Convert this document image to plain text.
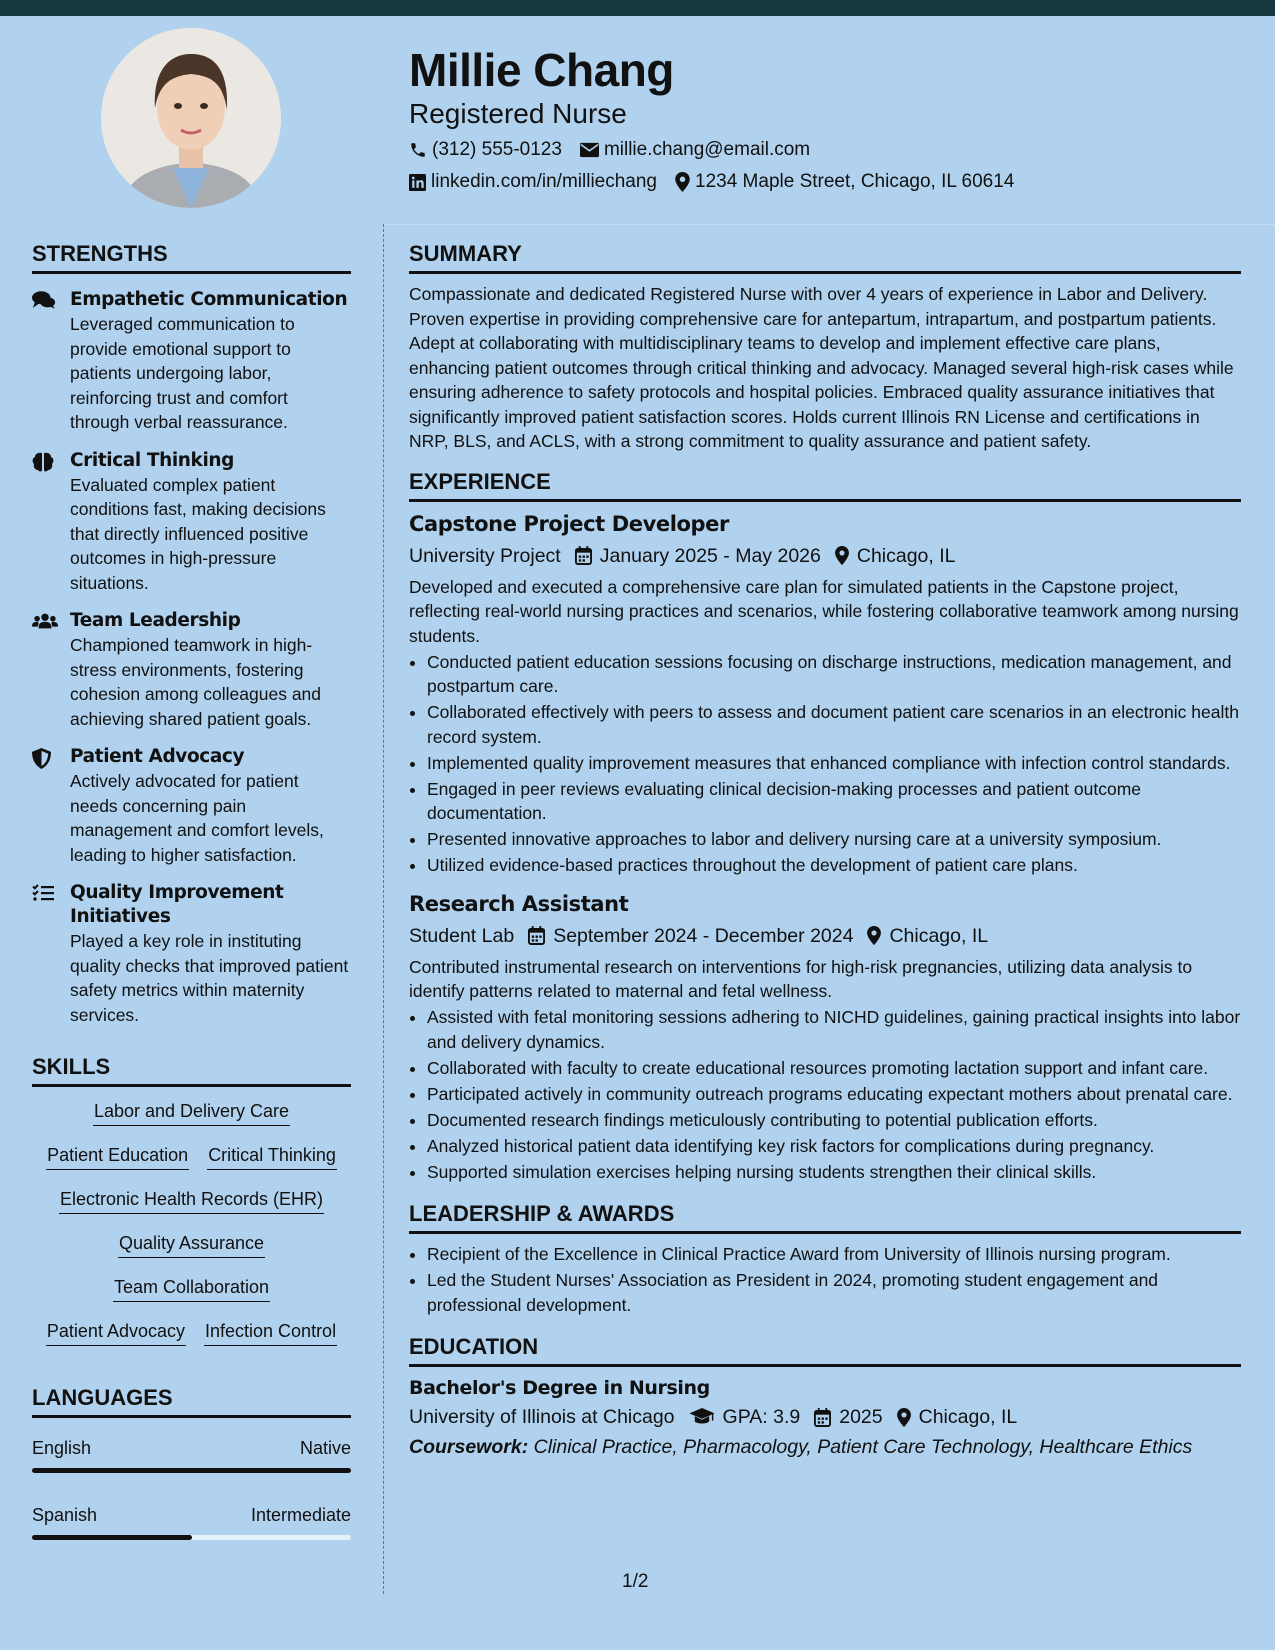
Millie Chang
Registered Nurse
(312) 555-0123 millie.chang@email.com
linkedin.com/in/milliechang 1234 Maple Street, Chicago, IL 60614
STRENGTHS
Empathetic Communication
Leveraged communication to provide emotional support to patients undergoing labor, reinforcing trust and comfort through verbal reassurance.
Critical Thinking
Evaluated complex patient conditions fast, making decisions that directly influenced positive outcomes in high-pressure situations.
Team Leadership
Championed teamwork in high-stress environments, fostering cohesion among colleagues and achieving shared patient goals.
Patient Advocacy
Actively advocated for patient needs concerning pain management and comfort levels, leading to higher satisfaction.
Quality Improvement Initiatives
Played a key role in instituting quality checks that improved patient safety metrics within maternity services.
SKILLS
Labor and Delivery Care
Patient Education Critical Thinking
Electronic Health Records (EHR)
Quality Assurance
Team Collaboration
Patient Advocacy Infection Control
LANGUAGES
English	Native
Spanish	Intermediate
SUMMARY
Compassionate and dedicated Registered Nurse with over 4 years of experience in Labor and Delivery. Proven expertise in providing comprehensive care for antepartum, intrapartum, and postpartum patients. Adept at collaborating with multidisciplinary teams to develop and implement effective care plans, enhancing patient outcomes through critical thinking and advocacy. Managed several high-risk cases while ensuring adherence to safety protocols and hospital policies. Embraced quality assurance initiatives that significantly improved patient satisfaction scores. Holds current Illinois RN License and certifications in NRP, BLS, and ACLS, with a strong commitment to quality assurance and patient safety.
EXPERIENCE
Capstone Project Developer
University Project January 2025 - May 2026 Chicago, IL
Developed and executed a comprehensive care plan for simulated patients in the Capstone project, reflecting real-world nursing practices and scenarios, while fostering collaborative teamwork among nursing students.
• Conducted patient education sessions focusing on discharge instructions, medication management, and postpartum care.
• Collaborated effectively with peers to assess and document patient care scenarios in an electronic health record system.
• Implemented quality improvement measures that enhanced compliance with infection control standards.
• Engaged in peer reviews evaluating clinical decision-making processes and patient outcome documentation.
• Presented innovative approaches to labor and delivery nursing care at a university symposium.
• Utilized evidence-based practices throughout the development of patient care plans.
Research Assistant
Student Lab September 2024 - December 2024 Chicago, IL
Contributed instrumental research on interventions for high-risk pregnancies, utilizing data analysis to identify patterns related to maternal and fetal wellness.
• Assisted with fetal monitoring sessions adhering to NICHD guidelines, gaining practical insights into labor and delivery dynamics.
• Collaborated with faculty to create educational resources promoting lactation support and infant care.
• Participated actively in community outreach programs educating expectant mothers about prenatal care.
• Documented research findings meticulously contributing to potential publication efforts.
• Analyzed historical patient data identifying key risk factors for complications during pregnancy.
• Supported simulation exercises helping nursing students strengthen their clinical skills.
LEADERSHIP & AWARDS
• Recipient of the Excellence in Clinical Practice Award from University of Illinois nursing program.
• Led the Student Nurses' Association as President in 2024, promoting student engagement and professional development.
EDUCATION
Bachelor's Degree in Nursing
University of Illinois at Chicago GPA: 3.9 2025 Chicago, IL
Coursework: Clinical Practice, Pharmacology, Patient Care Technology, Healthcare Ethics
1/2
